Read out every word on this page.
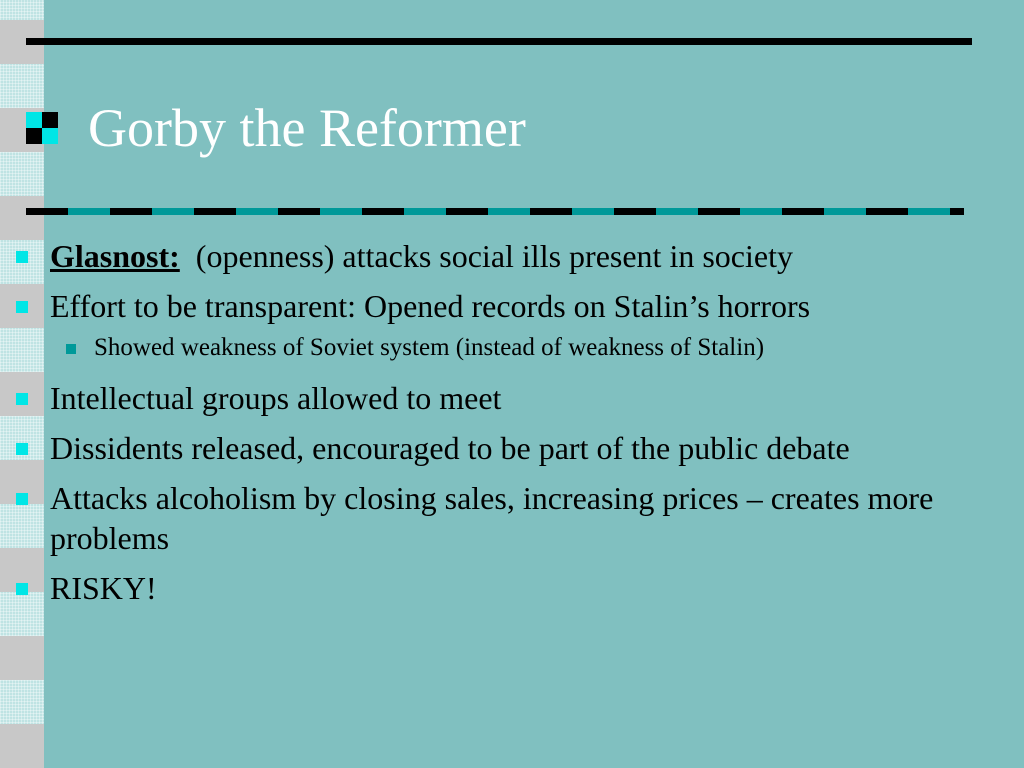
Gorby the Reformer
Glasnost: (openness) attacks social ills present in society
Effort to be transparent: Opened records on Stalin’s horrors
Showed weakness of Soviet system (instead of weakness of Stalin)
Intellectual groups allowed to meet
Dissidents released, encouraged to be part of the public debate
Attacks alcoholism by closing sales, increasing prices – creates more problems
RISKY!
